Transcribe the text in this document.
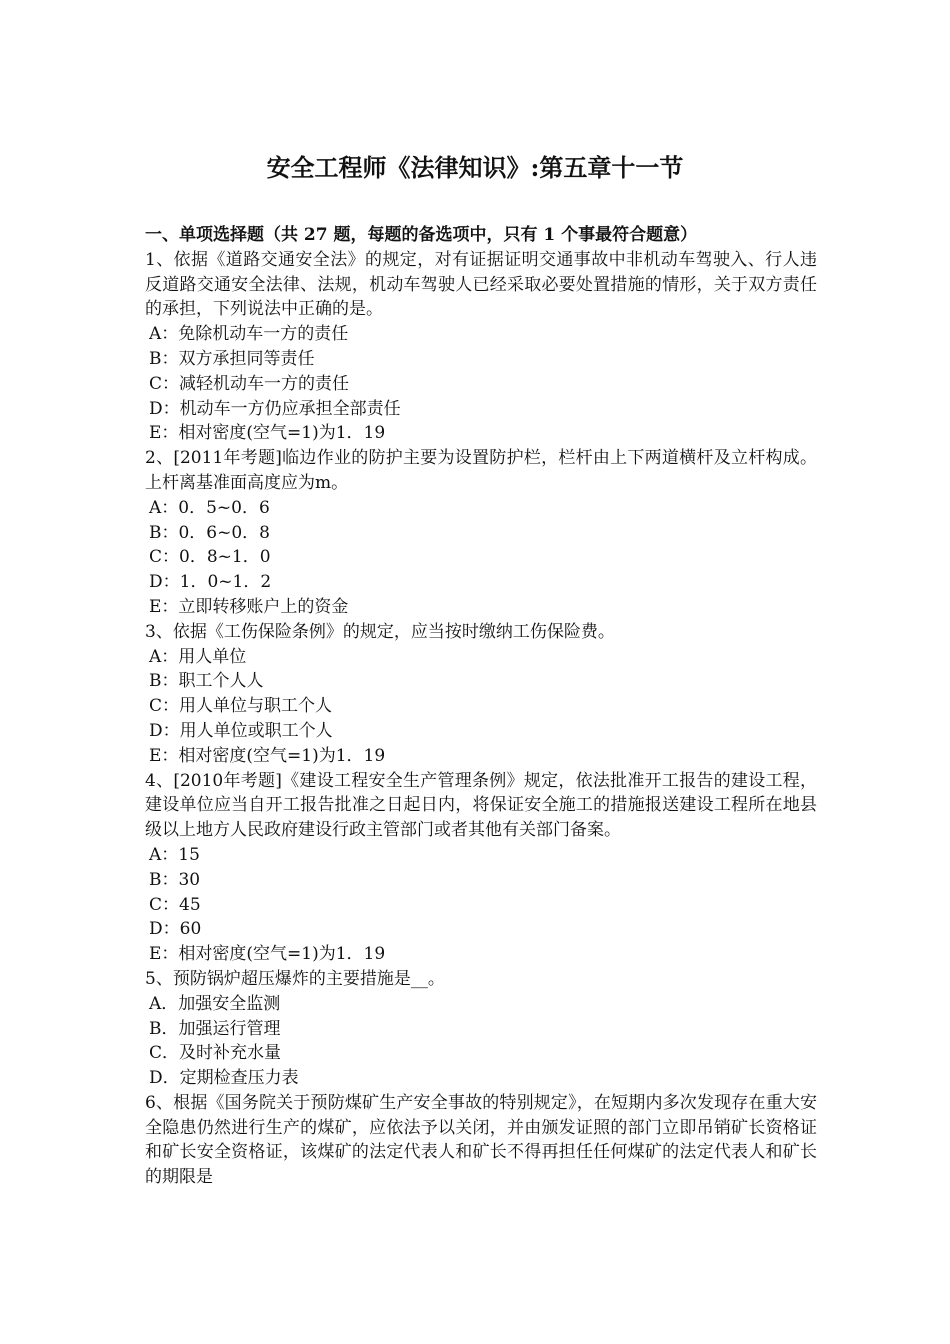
安全工程师《法律知识》:第五章十一节

一、单项选择题（共 27 题，每题的备选项中，只有 1 个事最符合题意）

1、依据《道路交通安全法》的规定，对有证据证明交通事故中非机动车驾驶入、行人违反道路交通安全法律、法规，机动车驾驶人已经采取必要处置措施的情形，关于双方责任的承担，下列说法中正确的是。

A：免除机动车一方的责任

B：双方承担同等责任

C：减轻机动车一方的责任

D：机动车一方仍应承担全部责任

E：相对密度(空气=1)为1．19

2、[2011年考题]临边作业的防护主要为设置防护栏，栏杆由上下两道横杆及立杆构成。上杆离基准面高度应为m。

A：0．5~0．6

B：0．6~0．8

C：0．8~1．0

D：1．0~1．2

E：立即转移账户上的资金

3、依据《工伤保险条例》的规定，应当按时缴纳工伤保险费。

A：用人单位

B：职工个人人

C：用人单位与职工个人

D：用人单位或职工个人

E：相对密度(空气=1)为1．19

4、[2010年考题]《建设工程安全生产管理条例》规定，依法批准开工报告的建设工程，建设单位应当自开工报告批准之日起日内，将保证安全施工的措施报送建设工程所在地县级以上地方人民政府建设行政主管部门或者其他有关部门备案。

A：15

B：30

C：45

D：60

E：相对密度(空气=1)为1．19

5、预防锅炉超压爆炸的主要措施是__。

A．加强安全监测

B．加强运行管理

C．及时补充水量

D．定期检查压力表

6、根据《国务院关于预防煤矿生产安全事故的特别规定》，在短期内多次发现存在重大安全隐患仍然进行生产的煤矿，应依法予以关闭，并由颁发证照的部门立即吊销矿长资格证和矿长安全资格证，该煤矿的法定代表人和矿长不得再担任任何煤矿的法定代表人和矿长的期限是
